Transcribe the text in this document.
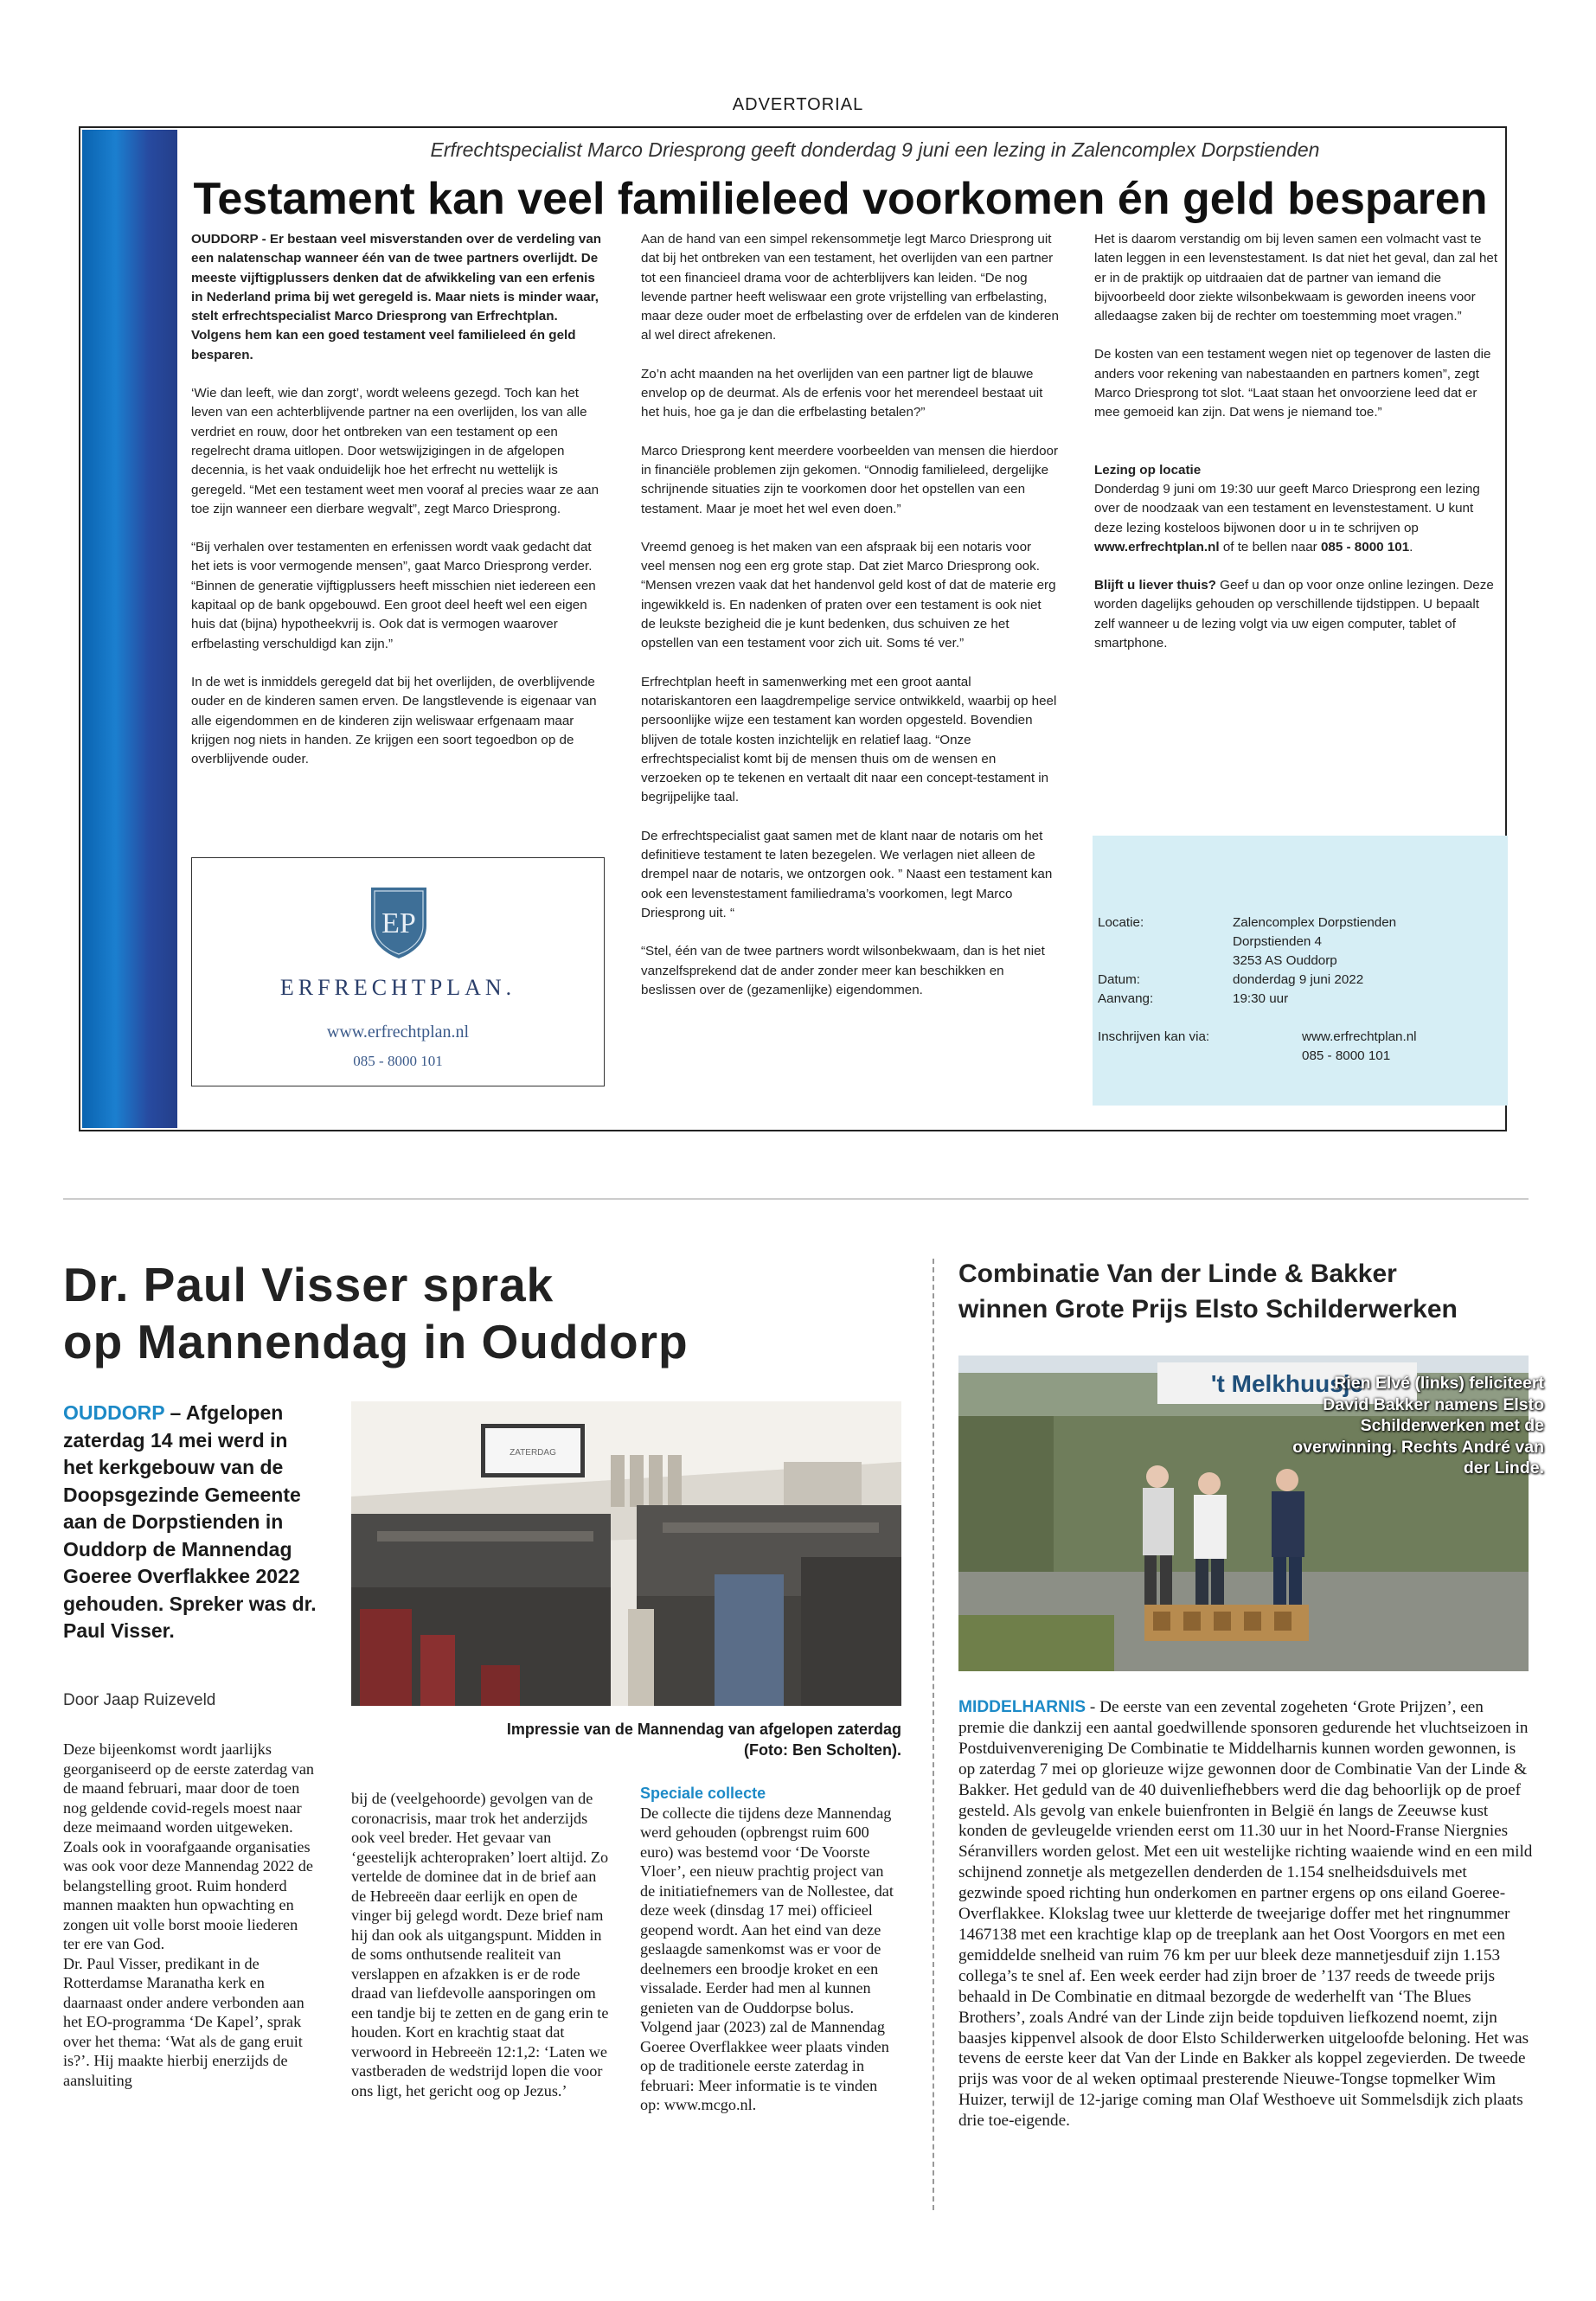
ADVERTORIAL
Erfrechtspecialist Marco Driesprong geeft donderdag 9 juni een lezing in Zalencomplex Dorpstienden
Testament kan veel familieleed voorkomen én geld besparen

OUDDORP - Er bestaan veel misverstanden over de verdeling van een nalatenschap wanneer één van de twee partners overlijdt. De meeste vijftigplussers denken dat de afwikkeling van een erfenis in Nederland prima bij wet geregeld is. Maar niets is minder waar, stelt erfrechtspecialist Marco Driesprong van Erfrechtplan. Volgens hem kan een goed testament veel familieleed én geld besparen.

‘Wie dan leeft, wie dan zorgt’, wordt weleens gezegd. Toch kan het leven van een achterblijvende partner na een overlijden, los van alle verdriet en rouw, door het ontbreken van een testament op een regelrecht drama uitlopen. Door wetswijzigingen in de afgelopen decennia, is het vaak onduidelijk hoe het erfrecht nu wettelijk is geregeld. “Met een testament weet men vooraf al precies waar ze aan toe zijn wanneer een dierbare wegvalt”, zegt Marco Driesprong.

“Bij verhalen over testamenten en erfenissen wordt vaak gedacht dat het iets is voor vermogende mensen”, gaat Marco Driesprong verder. “Binnen de generatie vijftigplussers heeft misschien niet iedereen een kapitaal op de bank opgebouwd. Een groot deel heeft wel een eigen huis dat (bijna) hypotheekvrij is. Ook dat is vermogen waarover erfbelasting verschuldigd kan zijn.”

In de wet is inmiddels geregeld dat bij het overlijden, de overblijvende ouder en de kinderen samen erven. De langstlevende is eigenaar van alle eigendommen en de kinderen zijn weliswaar erfgenaam maar krijgen nog niets in handen. Ze krijgen een soort tegoedbon op de overblijvende ouder.

Aan de hand van een simpel rekensommetje legt Marco Driesprong uit dat bij het ontbreken van een testament, het overlijden van een partner tot een financieel drama voor de achterblijvers kan leiden. “De nog levende partner heeft weliswaar een grote vrijstelling van erfbelasting, maar deze ouder moet de erfbelasting over de erfdelen van de kinderen al wel direct afrekenen.

Zo’n acht maanden na het overlijden van een partner ligt de blauwe envelop op de deurmat. Als de erfenis voor het merendeel bestaat uit het huis, hoe ga je dan die erfbelasting betalen?”

Marco Driesprong kent meerdere voorbeelden van mensen die hierdoor in financiële problemen zijn gekomen. “Onnodig familieleed, dergelijke schrijnende situaties zijn te voorkomen door het opstellen van een testament. Maar je moet het wel even doen.”

Vreemd genoeg is het maken van een afspraak bij een notaris voor veel mensen nog een erg grote stap. Dat ziet Marco Driesprong ook. “Mensen vrezen vaak dat het handenvol geld kost of dat de materie erg ingewikkeld is. En nadenken of praten over een testament is ook niet de leukste bezigheid die je kunt bedenken, dus schuiven ze het opstellen van een testament voor zich uit. Soms té ver.”

Erfrechtplan heeft in samenwerking met een groot aantal notariskantoren een laagdrempelige service ontwikkeld, waarbij op heel persoonlijke wijze een testament kan worden opgesteld. Bovendien blijven de totale kosten inzichtelijk en relatief laag. “Onze erfrechtspecialist komt bij de mensen thuis om de wensen en verzoeken op te tekenen en vertaalt dit naar een concept-testament in begrijpelijke taal.

De erfrechtspecialist gaat samen met de klant naar de notaris om het definitieve testament te laten bezegelen. We verlagen niet alleen de drempel naar de notaris, we ontzorgen ook. ” Naast een testament kan ook een levenstestament familiedrama’s voorkomen, legt Marco Driesprong uit. “

“Stel, één van de twee partners wordt wilsonbekwaam, dan is het niet vanzelfsprekend dat de ander zonder meer kan beschikken en beslissen over de (gezamenlijke) eigendommen.

Het is daarom verstandig om bij leven samen een volmacht vast te laten leggen in een levenstestament. Is dat niet het geval, dan zal het er in de praktijk op uitdraaien dat de partner van iemand die bijvoorbeeld door ziekte wilsonbekwaam is geworden ineens voor alledaagse zaken bij de rechter om toestemming moet vragen.”

De kosten van een testament wegen niet op tegenover de lasten die anders voor rekening van nabestaanden en partners komen”, zegt Marco Driesprong tot slot. “Laat staan het onvoorziene leed dat er mee gemoeid kan zijn. Dat wens je niemand toe.”

Lezing op locatie

Donderdag 9 juni om 19:30 uur geeft Marco Driesprong een lezing over de noodzaak van een testament en levenstestament. U kunt deze lezing kosteloos bijwonen door u in te schrijven op www.erfrechtplan.nl of te bellen naar 085 - 8000 101.

Blijft u liever thuis? Geef u dan op voor onze online lezingen. Deze worden dagelijks gehouden op verschillende tijdstippen. U bepaalt zelf wanneer u de lezing volgt via uw eigen computer, tablet of smartphone.

EP
ERFRECHTPLAN.
www.erfrechtplan.nl
085 - 8000 101
Locatie:	Zalencomplex Dorpstienden
Dorpstienden 4
3253 AS Ouddorp
Datum:	donderdag 9 juni 2022
Aanvang:	19:30 uur
Inschrijven kan via:	www.erfrechtplan.nl
085 - 8000 101
Dr. Paul Visser sprak
op Mannendag in Ouddorp
OUDDORP – Afgelopen zaterdag 14 mei werd in het kerkgebouw van de Doopsgezinde Gemeente aan de Dorpstienden in Ouddorp de Mannendag Goeree Overflakkee 2022 gehouden. Spreker was dr. Paul Visser.
ZATERDAG
Impressie van de Mannendag van afgelopen zaterdag
(Foto: Ben Scholten).
Door Jaap Ruizeveld
Deze bijeenkomst wordt jaarlijks georganiseerd op de eerste zaterdag van de maand februari, maar door de toen nog geldende covid-regels moest naar deze meimaand worden uitgeweken. Zoals ook in voorafgaande organisaties was ook voor deze Mannendag 2022 de belangstelling groot. Ruim honderd mannen maakten hun opwachting en zongen uit volle borst mooie liederen ter ere van God.
Dr. Paul Visser, predikant in de Rotterdamse Maranatha kerk en daarnaast onder andere verbonden aan het EO-programma ‘De Kapel’, sprak over het thema: ‘Wat als de gang eruit is?’. Hij maakte hierbij enerzijds de aansluiting
bij de (veelgehoorde) gevolgen van de coronacrisis, maar trok het anderzijds ook veel breder. Het gevaar van ‘geestelijk achteropraken’ loert altijd. Zo vertelde de dominee dat in de brief aan de Hebreeën daar eerlijk en open de vinger bij gelegd wordt. Deze brief nam hij dan ook als uitgangspunt. Midden in de soms onthutsende realiteit van verslappen en afzakken is er de rode draad van liefdevolle aansporingen om een tandje bij te zetten en de gang erin te houden. Kort en krachtig staat dat verwoord in Hebreeën 12:1,2: ‘Laten we vastberaden de wedstrijd lopen die voor ons ligt, het gericht oog op Jezus.’
Speciale collecte
De collecte die tijdens deze Mannendag werd gehouden (opbrengst ruim 600 euro) was bestemd voor ‘De Voorste Vloer’, een nieuw prachtig project van de initiatiefnemers van de Nollestee, dat deze week (dinsdag 17 mei) officieel geopend wordt. Aan het eind van deze geslaagde samenkomst was er voor de deelnemers een broodje kroket en een vissalade. Eerder had men al kunnen genieten van de Ouddorpse bolus. Volgend jaar (2023) zal de Mannendag Goeree Overflakkee weer plaats vinden op de traditionele eerste zaterdag in februari: Meer informatie is te vinden op: www.mcgo.nl.
Combinatie Van der Linde & Bakker
winnen Grote Prijs Elsto Schilderwerken
't Melkhuusje
Rien Elvé (links) feliciteert David Bakker namens Elsto Schilderwerken met de overwinning. Rechts André van der Linde.
MIDDELHARNIS - De eerste van een zevental zogeheten ‘Grote Prijzen’, een premie die dankzij een aantal goedwillende sponsoren gedurende het vluchtseizoen in Postduivenvereniging De Combinatie te Middelharnis kunnen worden gewonnen, is op zaterdag 7 mei op glorieuze wijze gewonnen door de Combinatie Van der Linde & Bakker. Het geduld van de 40 duivenliefhebbers werd die dag behoorlijk op de proef gesteld. Als gevolg van enkele buienfronten in België én langs de Zeeuwse kust konden de gevleugelde vrienden eerst om 11.30 uur in het Noord-Franse Niergnies Séranvillers worden gelost. Met een uit westelijke richting waaiende wind en een mild schijnend zonnetje als metgezellen denderden de 1.154 snelheidsduivels met gezwinde spoed richting hun onderkomen en partner ergens op ons eiland Goeree-Overflakkee. Klokslag twee uur kletterde de tweejarige doffer met het ringnummer 1467138 met een krachtige klap op de treeplank aan het Oost Voorgors en met een gemiddelde snelheid van ruim 76 km per uur bleek deze mannetjesduif zijn 1.153 collega’s te snel af. Een week eerder had zijn broer de ’137 reeds de tweede prijs behaald in De Combinatie en ditmaal bezorgde de wederhelft van ‘The Blues Brothers’, zoals André van der Linde zijn beide topduiven liefkozend noemt, zijn baasjes kippenvel alsook de door Elsto Schilderwerken uitgeloofde beloning. Het was tevens de eerste keer dat Van der Linde en Bakker als koppel zegevierden. De tweede prijs was voor de al weken optimaal presterende Nieuwe-Tongse topmelker Wim Huizer, terwijl de 12-jarige coming man Olaf Westhoeve uit Sommelsdijk zich plaats drie toe-eigende.
